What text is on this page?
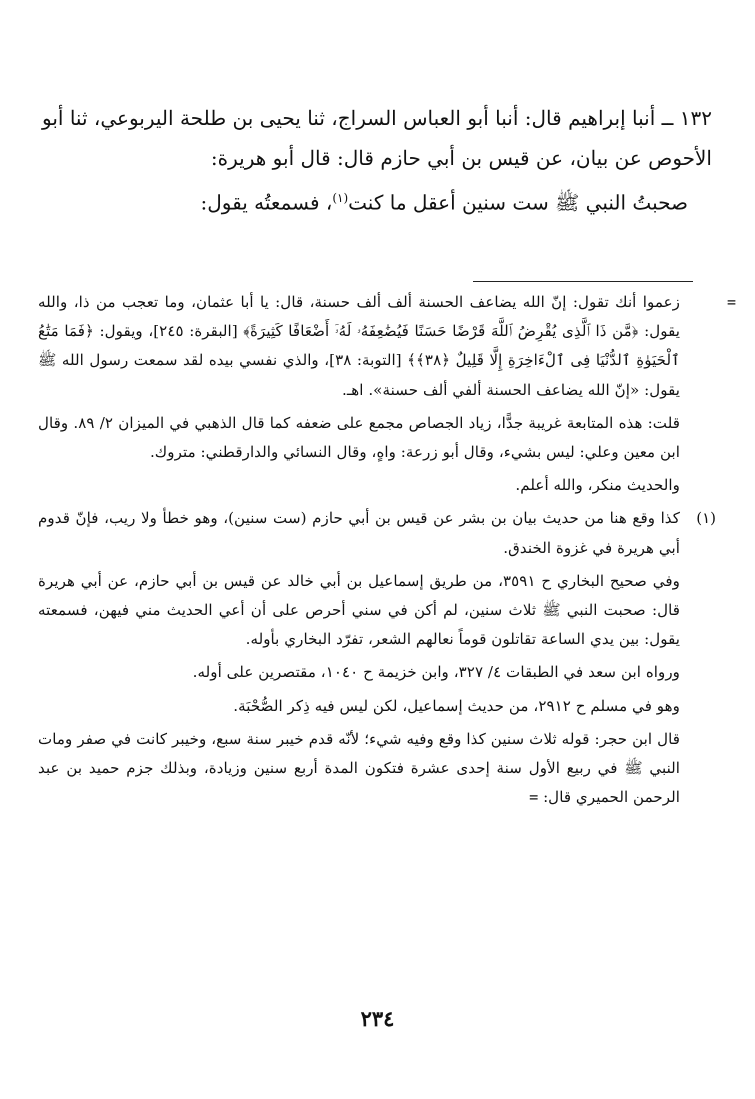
١٣٢ ــ أنبا إبراهيم قال: أنبا أبو العباس السراج، ثنا يحيى بن طلحة اليربوعي، ثنا أبو الأحوص عن بيان، عن قيس بن أبي حازم قال: قال أبو هريرة:

صحبتُ النبي ﷺ ست سنين أعقل ما كنت$^{(١)}$، فسمعتُه يقول:

=

زعموا أنك تقول: إنّ الله يضاعف الحسنة ألف ألف حسنة، قال: يا أبا عثمان، وما تعجب من ذا، والله يقول: ﴿مَّن ذَا ٱلَّذِى يُقْرِضُ ٱللَّهَ قَرْضًا حَسَنًا فَيُضَٰعِفَهُۥ لَهُۥٓ أَضْعَافًا كَثِيرَةً﴾ [البقرة: ٢٤٥]، ويقول: ﴿فَمَا مَتَٰعُ ٱلْحَيَوٰةِ ٱلدُّنْيَا فِى ٱلْءَاخِرَةِ إِلَّا قَلِيلٌ ﴿٣٨﴾﴾ [التوبة: ٣٨]، والذي نفسي بيده لقد سمعت رسول الله ﷺ يقول: «إنّ الله يضاعف الحسنة ألفي ألف حسنة». اهـ.

قلت: هذه المتابعة غريبة جدًّا، زياد الجصاص مجمع على ضعفه كما قال الذهبي في الميزان ٢/ ٨٩. وقال ابن معين وعلي: ليس بشيء، وقال أبو زرعة: واهٍ، وقال النسائي والدارقطني: متروك.

والحديث منكر، والله أعلم.

(١)

كذا وقع هنا من حديث بيان بن بشر عن قيس بن أبي حازم (ست سنين)، وهو خطأ ولا ريب، فإنّ قدوم أبي هريرة في غزوة الخندق.

وفي صحيح البخاري ح ٣٥٩١، من طريق إسماعيل بن أبي خالد عن قيس بن أبي حازم، عن أبي هريرة قال: صحبت النبي ﷺ ثلاث سنين، لم أكن في سني أحرص على أن أعي الحديث مني فيهن، فسمعته يقول: بين يدي الساعة تقاتلون قوماً نعالهم الشعر، تفرّد البخاري بأوله.

ورواه ابن سعد في الطبقات ٤/ ٣٢٧، وابن خزيمة ح ١٠٤٠، مقتصرين على أوله.

وهو في مسلم ح ٢٩١٢، من حديث إسماعيل، لكن ليس فيه ذِكر الصُّحْبَة.

قال ابن حجر: قوله ثلاث سنين كذا وقع وفيه شيء؛ لأنّه قدم خيبر سنة سبع، وخيبر كانت في صفر ومات النبي ﷺ في ربيع الأول سنة إحدى عشرة فتكون المدة أربع سنين وزيادة، وبذلك جزم حميد بن عبد الرحمن الحميري قال: =

٢٣٤
